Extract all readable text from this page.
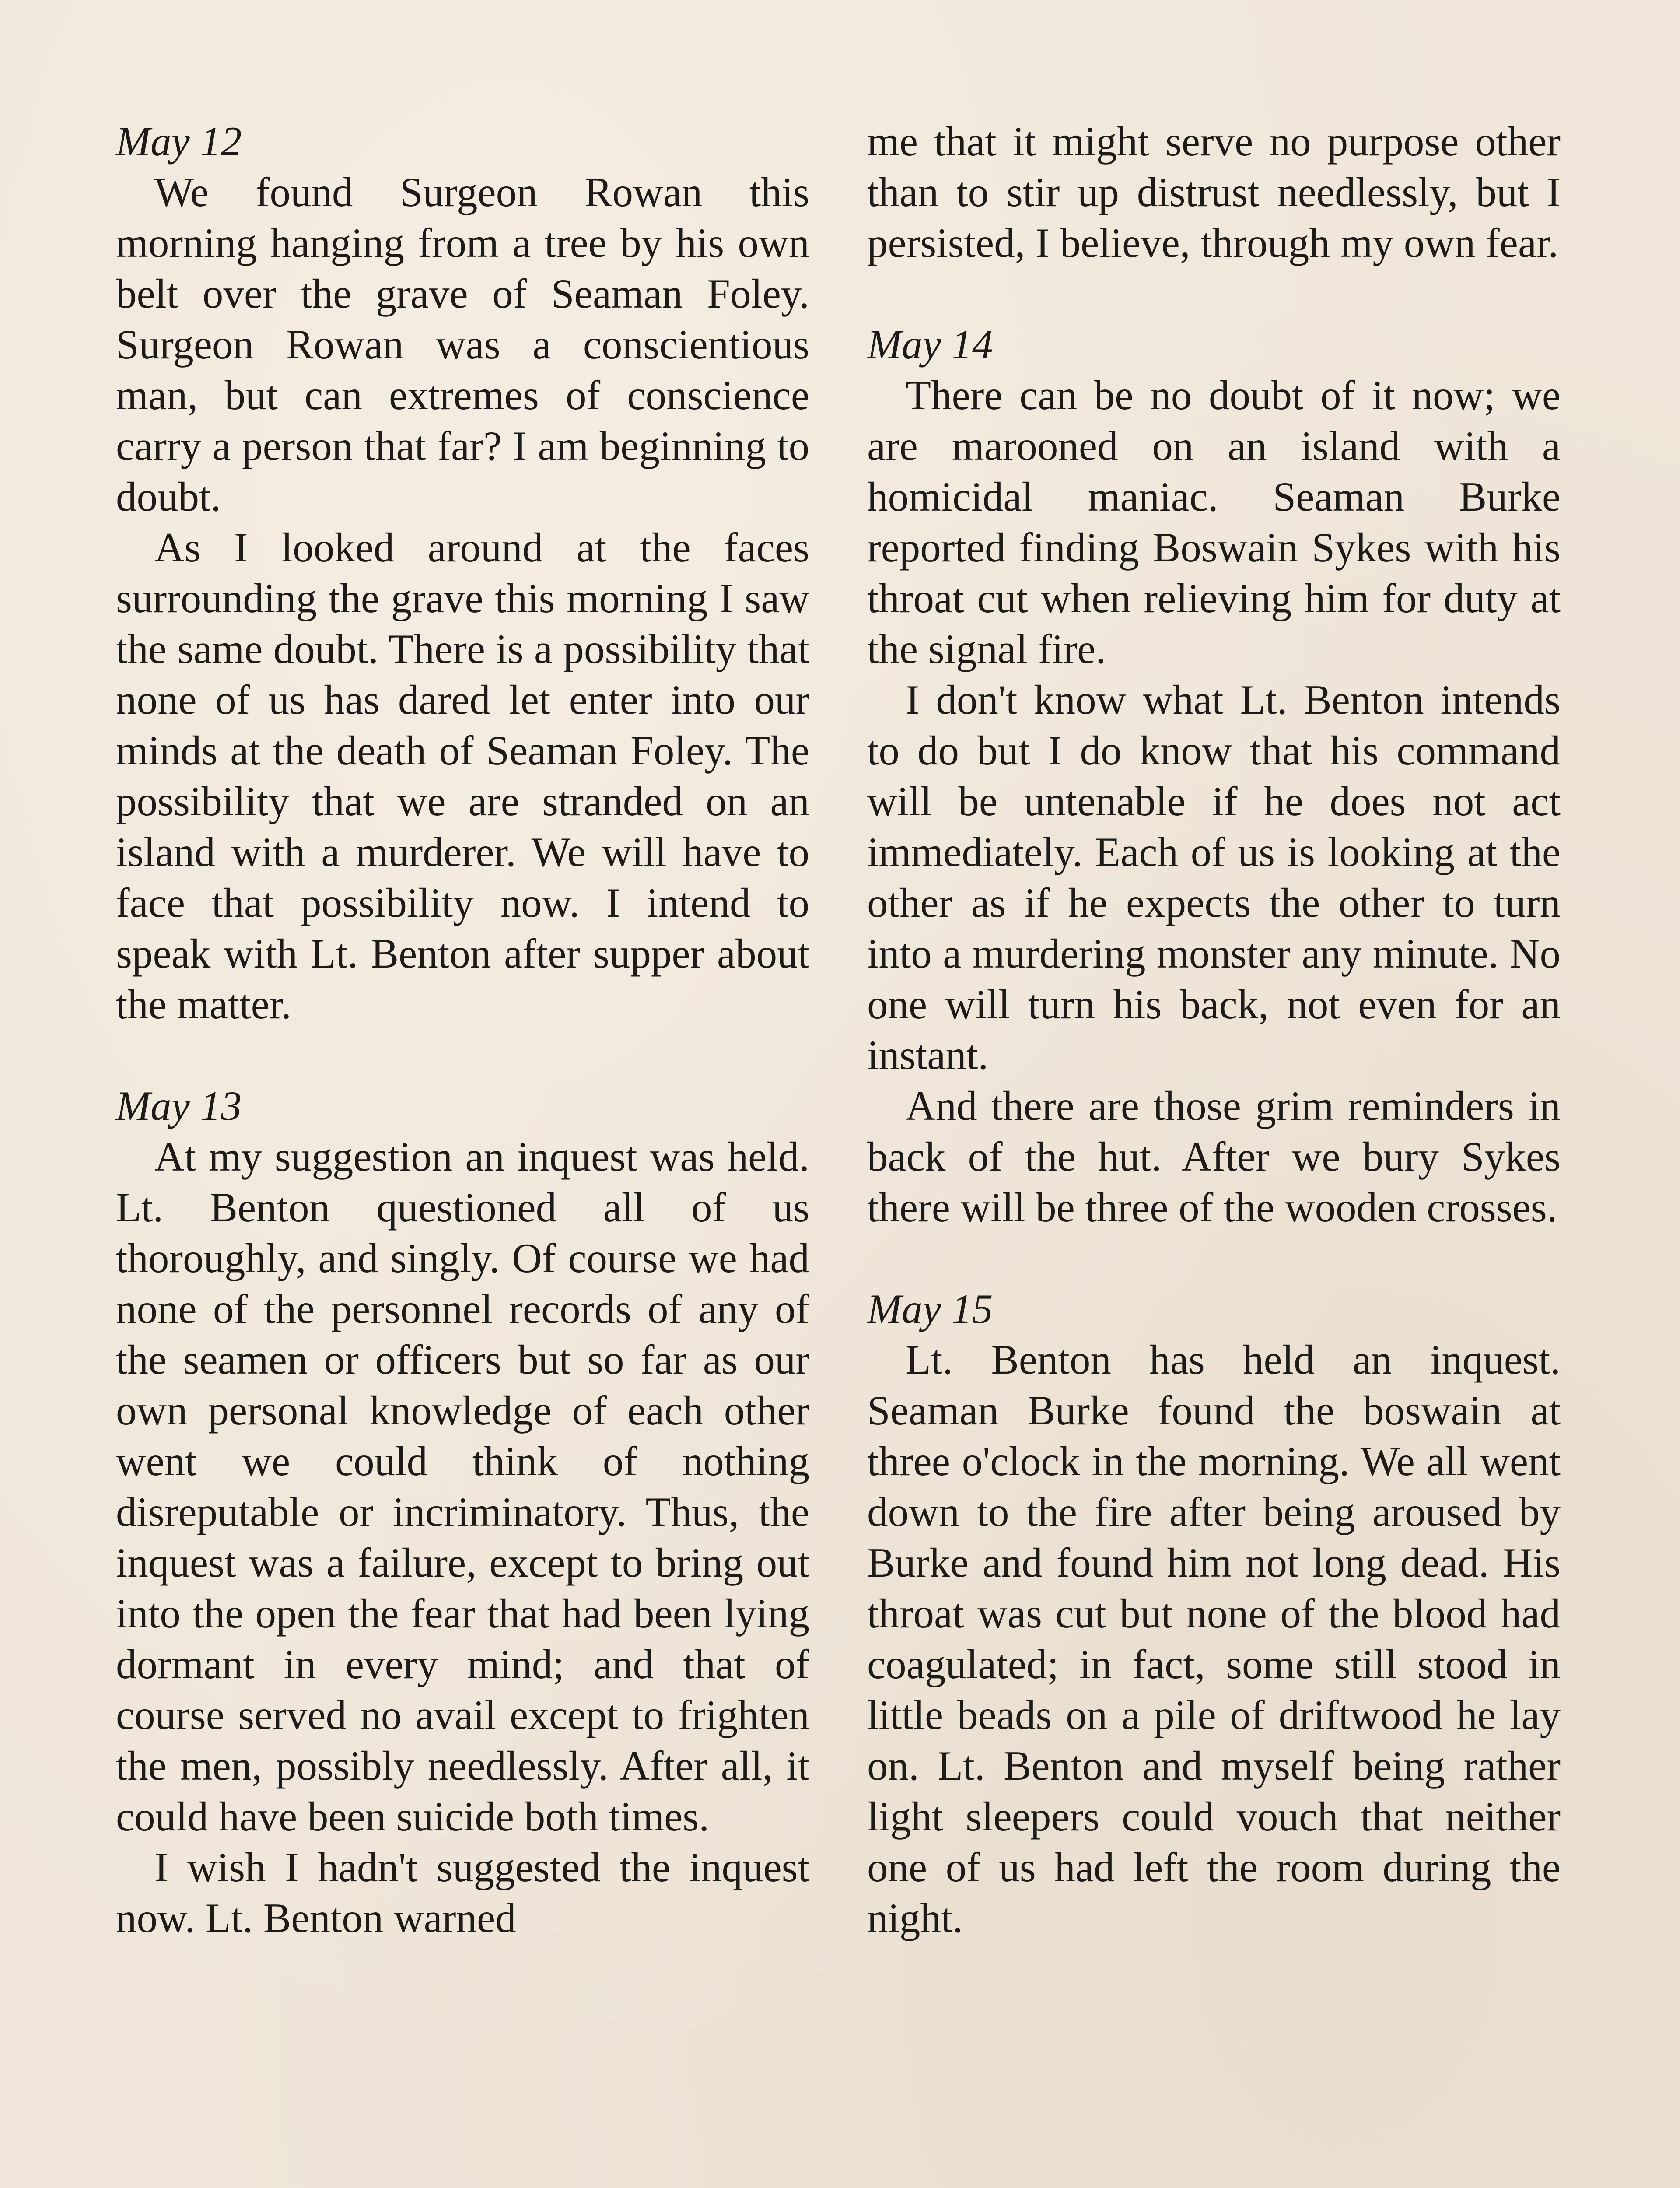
May 12

We found Surgeon Rowan this morning hanging from a tree by his own belt over the grave of Seaman Foley. Surgeon Rowan was a conscientious man, but can extremes of conscience carry a person that far? I am beginning to doubt.

As I looked around at the faces surrounding the grave this morning I saw the same doubt. There is a possibility that none of us has dared let enter into our minds at the death of Seaman Foley. The possibility that we are stranded on an island with a murderer. We will have to face that possibility now. I intend to speak with Lt. Benton after supper about the matter.

May 13

At my suggestion an inquest was held. Lt. Benton questioned all of us thoroughly, and singly. Of course we had none of the personnel records of any of the seamen or officers but so far as our own personal knowledge of each other went we could think of nothing disreputable or incriminatory. Thus, the inquest was a failure, except to bring out into the open the fear that had been lying dormant in every mind; and that of course served no avail except to frighten the men, possibly needlessly. After all, it could have been suicide both times.

I wish I hadn't suggested the inquest now. Lt. Benton warned

me that it might serve no purpose other than to stir up distrust needlessly, but I persisted, I believe, through my own fear.

May 14

There can be no doubt of it now; we are marooned on an island with a homicidal maniac. Seaman Burke reported finding Boswain Sykes with his throat cut when relieving him for duty at the signal fire.

I don't know what Lt. Benton intends to do but I do know that his command will be untenable if he does not act immediately. Each of us is looking at the other as if he expects the other to turn into a murdering monster any minute. No one will turn his back, not even for an instant.

And there are those grim reminders in back of the hut. After we bury Sykes there will be three of the wooden crosses.

May 15

Lt. Benton has held an inquest. Seaman Burke found the boswain at three o'clock in the morning. We all went down to the fire after being aroused by Burke and found him not long dead. His throat was cut but none of the blood had coagulated; in fact, some still stood in little beads on a pile of driftwood he lay on. Lt. Benton and myself being rather light sleepers could vouch that neither one of us had left the room during the night.
